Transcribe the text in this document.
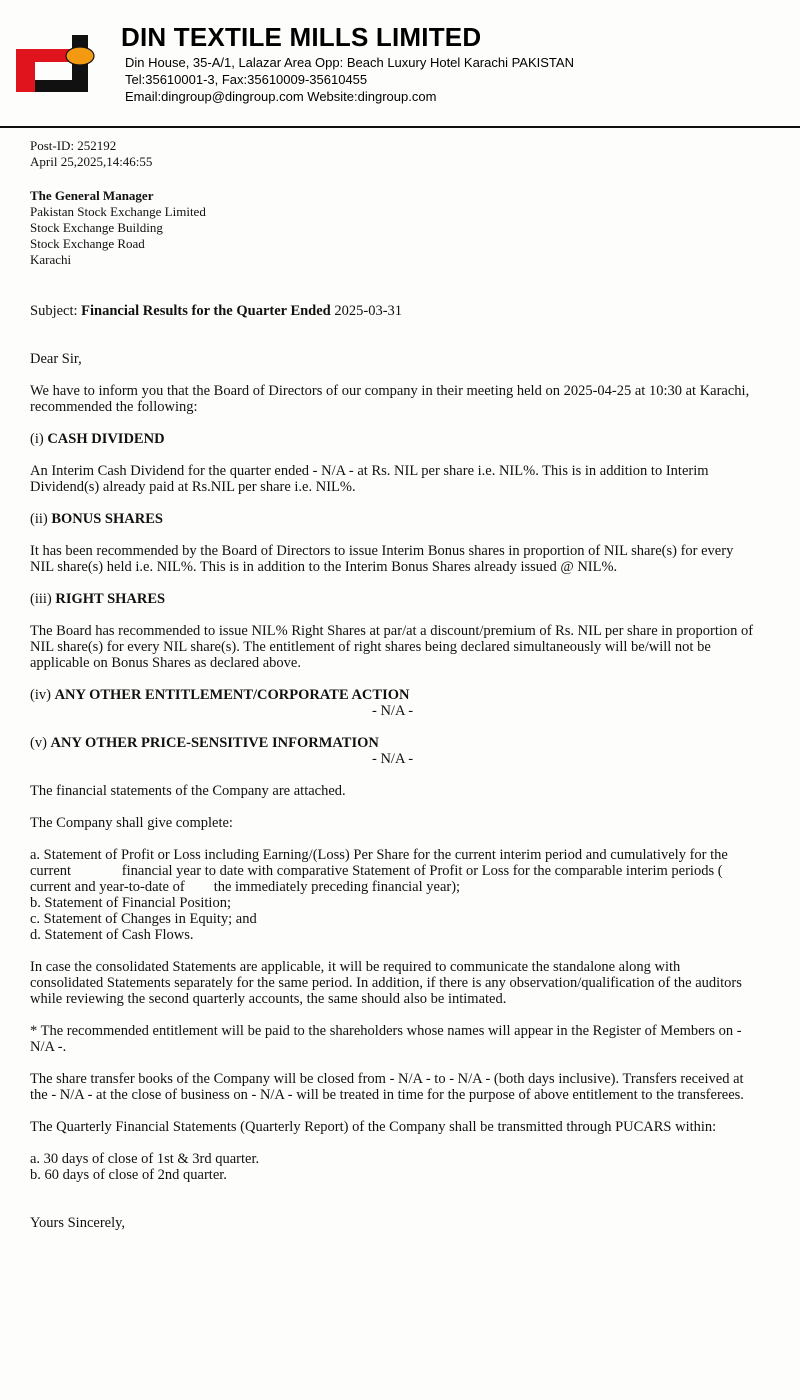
DIN TEXTILE MILLS LIMITED
Din House, 35-A/1, Lalazar Area Opp: Beach Luxury Hotel Karachi PAKISTAN
Tel:35610001-3, Fax:35610009-35610455
Email:dingroup@dingroup.com Website:dingroup.com
Post-ID: 252192
April 25,2025,14:46:55
The General Manager
Pakistan Stock Exchange Limited
Stock Exchange Building
Stock Exchange Road
Karachi
Subject: Financial Results for the Quarter Ended 2025-03-31
Dear Sir,
We have to inform you that the Board of Directors of our company in their meeting held on 2025-04-25 at 10:30 at Karachi,
recommended the following:
(i) CASH DIVIDEND
An Interim Cash Dividend for the quarter ended - N/A - at Rs. NIL per share i.e. NIL%. This is in addition to Interim
Dividend(s) already paid at Rs.NIL per share i.e. NIL%.
(ii) BONUS SHARES
It has been recommended by the Board of Directors to issue Interim Bonus shares in proportion of NIL share(s) for every
NIL share(s) held i.e. NIL%. This is in addition to the Interim Bonus Shares already issued @ NIL%.
(iii) RIGHT SHARES
The Board has recommended to issue NIL% Right Shares at par/at a discount/premium of Rs. NIL per share in proportion of
NIL share(s) for every NIL share(s). The entitlement of right shares being declared simultaneously will be/will not be
applicable on Bonus Shares as declared above.
(iv) ANY OTHER ENTITLEMENT/CORPORATE ACTION
- N/A -
(v) ANY OTHER PRICE-SENSITIVE INFORMATION
- N/A -
The financial statements of the Company are attached.
The Company shall give complete:
a. Statement of Profit or Loss including Earning/(Loss) Per Share for the current interim period and cumulatively for the
current              financial year to date with comparative Statement of Profit or Loss for the comparable interim periods (
current and year-to-date of        the immediately preceding financial year);
b. Statement of Financial Position;
c. Statement of Changes in Equity; and
d. Statement of Cash Flows.
In case the consolidated Statements are applicable, it will be required to communicate the standalone along with
consolidated Statements separately for the same period. In addition, if there is any observation/qualification of the auditors
while reviewing the second quarterly accounts, the same should also be intimated.
* The recommended entitlement will be paid to the shareholders whose names will appear in the Register of Members on -
N/A -.
The share transfer books of the Company will be closed from - N/A - to - N/A - (both days inclusive). Transfers received at
the - N/A - at the close of business on - N/A - will be treated in time for the purpose of above entitlement to the transferees.
The Quarterly Financial Statements (Quarterly Report) of the Company shall be transmitted through PUCARS within:
a. 30 days of close of 1st & 3rd quarter.
b. 60 days of close of 2nd quarter.
Yours Sincerely,
